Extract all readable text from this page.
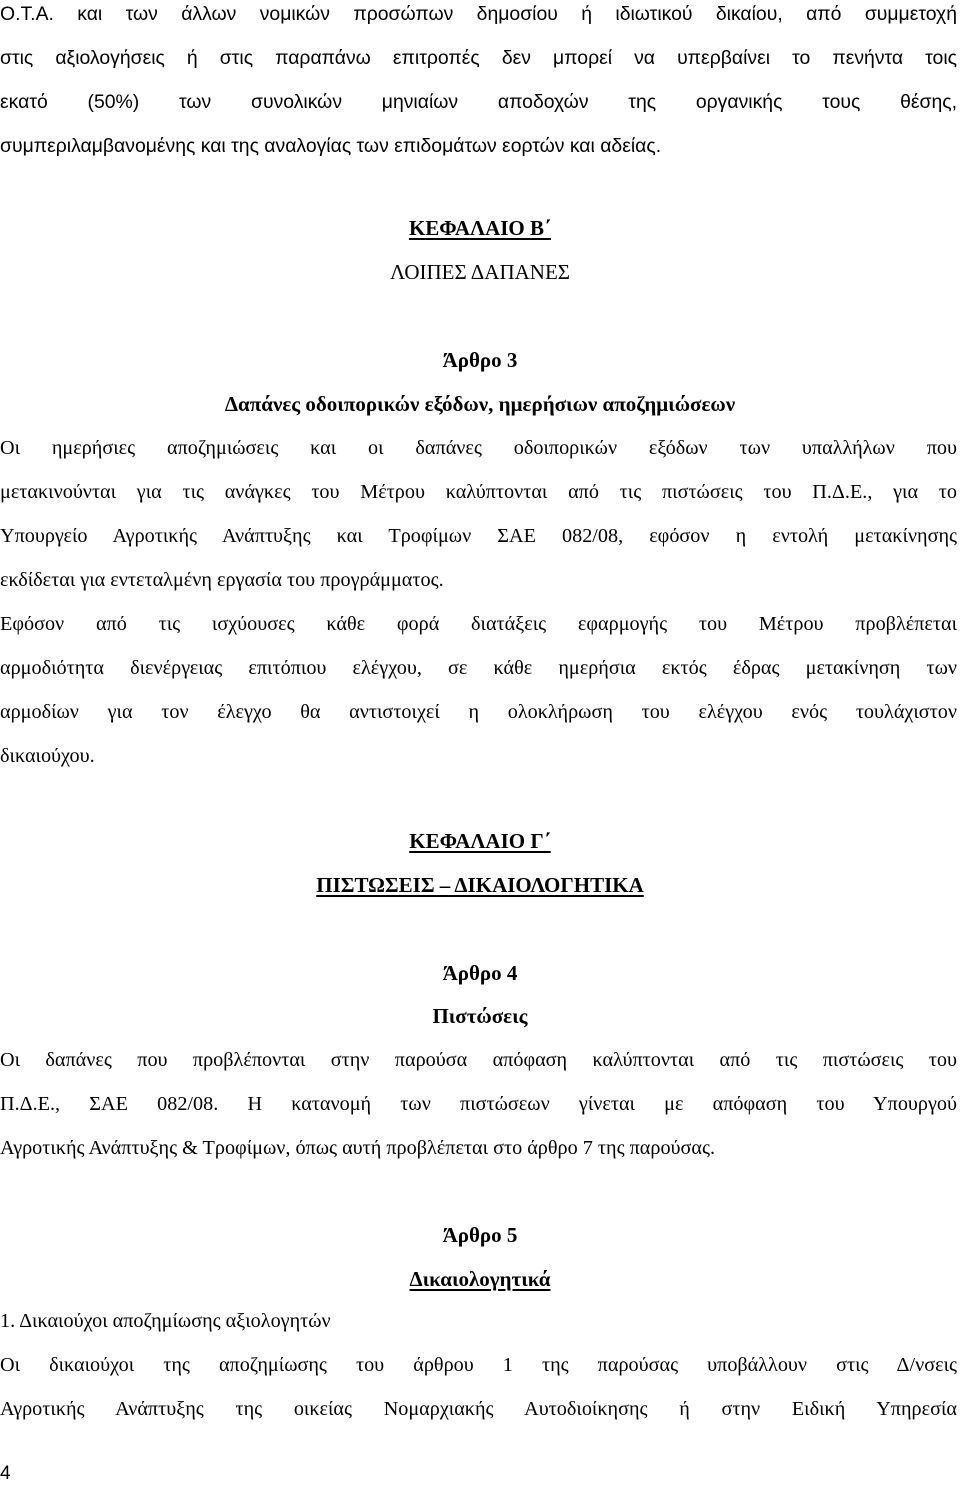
Ο.Τ.Α. και των άλλων νομικών προσώπων δημοσίου ή ιδιωτικού δικαίου, από συμμετοχή
στις αξιολογήσεις ή στις παραπάνω επιτροπές δεν μπορεί να υπερβαίνει το πενήντα τοις
εκατό (50%) των συνολικών μηνιαίων αποδοχών της οργανικής τους θέσης,
συμπεριλαμβανομένης και της αναλογίας των επιδομάτων εορτών και αδείας.
ΚΕΦΑΛΑΙΟ Β΄
ΛΟΙΠΕΣ ΔΑΠΑΝΕΣ
Άρθρο 3
Δαπάνες οδοιπορικών εξόδων, ημερήσιων αποζημιώσεων
Οι ημερήσιες αποζημιώσεις και οι δαπάνες οδοιπορικών εξόδων των υπαλλήλων που
μετακινούνται για τις ανάγκες του Μέτρου καλύπτονται από τις πιστώσεις του Π.Δ.Ε., για το
Υπουργείο Αγροτικής Ανάπτυξης και Τροφίμων ΣΑΕ 082/08, εφόσον η εντολή μετακίνησης
εκδίδεται για εντεταλμένη εργασία του προγράμματος.
Εφόσον από τις ισχύουσες κάθε φορά διατάξεις εφαρμογής του Μέτρου προβλέπεται
αρμοδιότητα διενέργειας επιτόπιου ελέγχου, σε κάθε ημερήσια εκτός έδρας μετακίνηση των
αρμοδίων για τον έλεγχο θα αντιστοιχεί η ολοκλήρωση του ελέγχου ενός τουλάχιστον
δικαιούχου.
ΚΕΦΑΛΑΙΟ Γ΄
ΠΙΣΤΩΣΕΙΣ – ΔΙΚΑΙΟΛΟΓΗΤΙΚΑ
Άρθρο 4
Πιστώσεις
Οι δαπάνες που προβλέπονται στην παρούσα απόφαση καλύπτονται από τις πιστώσεις του
Π.Δ.Ε., ΣΑΕ 082/08. Η κατανομή των πιστώσεων γίνεται με απόφαση του Υπουργού
Αγροτικής Ανάπτυξης & Τροφίμων, όπως αυτή προβλέπεται στο άρθρο 7 της παρούσας.
Άρθρο 5
Δικαιολογητικά
1. Δικαιούχοι αποζημίωσης αξιολογητών
Οι δικαιούχοι της αποζημίωσης του άρθρου 1 της παρούσας υποβάλλουν στις Δ/νσεις
Αγροτικής Ανάπτυξης της οικείας Νομαρχιακής Αυτοδιοίκησης ή στην Ειδική Υπηρεσία
4
